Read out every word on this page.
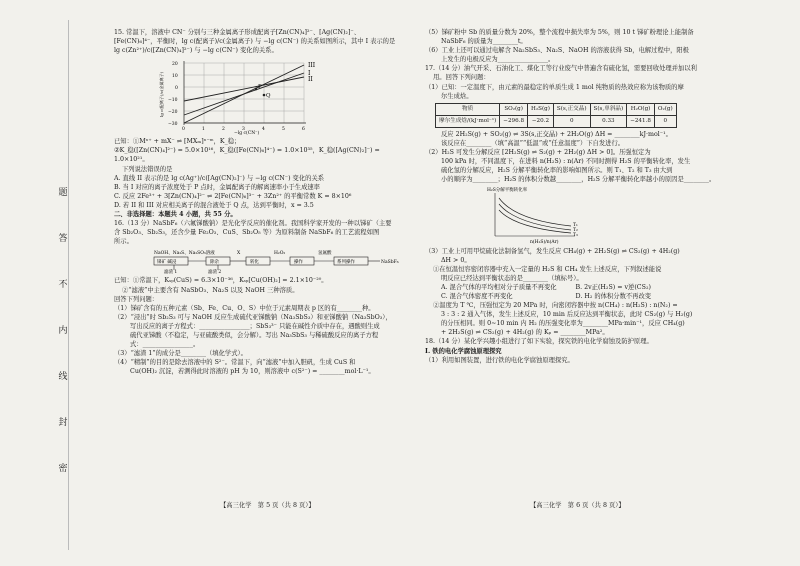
题
答
不
内
线
封
密

15. 常温下，溶液中 CN⁻ 分别与三种金属离子形成配离子[Zn(CN)₄]²⁻、[Ag(CN)₂]⁻、

[Fe(CN)₆]⁴⁻，平衡时，lg c(配离子)/c(金属离子) 与 −lg c(CN⁻) 的关系如图所示，其中 I 表示的是

lg c(Zn²⁺)/c([Zn(CN)₄]²⁻) 与 −lg c(CN⁻) 变化的关系。

I
II
III
P
Q
0	1	2	3	4	5	6
20
10
0
−10
−20
−30
−lg c(CN⁻)
lg c(配离子)/c(金属离子)

已知：①Mⁿ⁺ + mX⁻ ⇌ [MXₘ]ⁿ⁻ᵐ，K_稳；

②K_稳([Zn(CN)₄]²⁻) = 5.0×10¹⁶，K_稳([Fe(CN)₆]⁴⁻) = 1.0×10³⁵，K_稳([Ag(CN)₂]⁻) =

1.0×10²¹。

下列说法错误的是

A. 直线 II 表示的是 lg c(Ag⁺)/c([Ag(CN)₂]⁻) 与 −lg c(CN⁻) 变化的关系

B. 当 I 对应的离子浓度处于 P 点时，金属配离子的解离速率小于生成速率

C. 反应 2Fe³⁺ + 3[Zn(CN)₄]²⁻ ⇌ 2[Fe(CN)₆]³⁻ + 3Zn²⁺ 的平衡常数 K = 8×10⁶

D. 若 II 和 III 对应相关离子的混合液处于 Q 点，达到平衡时，x = 3.5

二、非选择题：本题共 4 小题，共 55 分。

16.（13 分）NaSbF₆（六氟锑酸钠）是光化学反应的催化剂。我国科学家开发的一种以锑矿（主要

含 Sb₂O₃、Sb₂S₃，还含少量 Fe₂O₃、CuS、Sb₂O₅ 等）为原料制备 NaSbF₆ 的工艺流程如图

所示。

NaOH、Na₂S、Na₂SO₃溶液
锑矿 碱浸	除杂
X
转化
H₂O₂
操作
氢氟酸
系列操作	NaSbF₆
滤渣 1	滤渣 2

已知：①常温下，Kₛₚ(CuS) = 6.3×10⁻³⁶，Kₛₚ[Cu(OH)₂] = 2.1×10⁻²⁰。

②“滤液”中主要含有 NaSbO₃、Na₂S 以及 NaOH 三种溶质。

回答下列问题：

（1）锑矿含有的五种元素（Sb、Fe、Cu、O、S）中位于元素周期表 p 区的有________种。

（2）“浸出”时 Sb₂S₃ 可与 NaOH 反应生成硫代亚锑酸钠（Na₃SbS₃）和亚锑酸钠（Na₃SbO₃），

写出反应的离子方程式：________________；SbS₃³⁻ 只能在碱性介质中存在，遇酸则生成

硫代亚锑酸（不稳定，与亚硫酸类似，会分解）。写出 Na₃SbS₃ 与稀硫酸反应的离子方程

式：________________。

（3）“滤渣 1”的成分是________（填化学式）。

（4）“精制”的目的是除去溶液中的 S²⁻。常温下，向“滤液”中加入胆矾，生成 CuS 和

Cu(OH)₂ 沉淀，若测得此时溶液的 pH 为 10，则溶液中 c(S²⁻) = ________mol·L⁻¹。

【高三化学　第 5 页（共 8 页）】

（5）锑矿粉中 Sb 的质量分数为 20%，整个流程中损失率为 5%，则 10 t 锑矿粉理论上能制备

NaSbF₆ 的质量为________t。

（6）工业上还可以通过电解含 Na₂SbS₃、Na₂S、NaOH 的溶液获得 Sb，电解过程中，阳极

上发生的电极反应为________________。

17.（14 分）油气开采、石油化工、煤化工等行业废气中普遍含有硫化氢，需要回收处理并加以利

用。回答下列问题：

（1）已知：一定温度下，由元素的最稳定的单质生成 1 mol 纯物质的热效应称为该物质的摩

尔生成焓。

物质	SO₂(g)	H₂S(g)	S(s,正交晶)	S(s,单斜晶)	H₂O(g)	O₂(g)
摩尔生成焓/(kJ·mol⁻¹)	−296.8	−20.2	0	0.33	−241.8	0

反应 2H₂S(g) + SO₂(g) ⇌ 3S(s,正交晶) + 2H₂O(g) ΔH = ________kJ·mol⁻¹。

该反应在________（填“高温”“低温”或“任意温度”）下自发进行。

（2）H₂S 可发生分解反应 [2H₂S(g) ⇌ S₂(g) + 2H₂(g) ΔH > 0]。压强恒定为

100 kPa 时，不同温度下，在进料 n(H₂S) : n(Ar) 不同时测得 H₂S 的平衡转化率，发生

硫化氢的分解反应，H₂S 分解平衡转化率的影响如图所示。则 T₁、T₂ 和 T₃ 由大到

小的顺序为________；H₂S 的体积分数越________，H₂S 分解平衡转化率越小的原因是________。

H₂S分解平衡转化率
T₁
T₂
T₃
n(H₂S)/n(Ar)

（3）工业上可用甲烷硫化法制备氢气，发生反应 CH₄(g) + 2H₂S(g) ⇌ CS₂(g) + 4H₂(g)

ΔH > 0。

①在恒温恒容密闭容器中充入一定量的 H₂S 和 CH₄ 发生上述反应，下列叙述能说

明反应已经达到平衡状态的是________（填标号）。

A. 混合气体的平均相对分子质量不再变化　　　B. 2v正(H₂S) = v逆(CS₂)

C. 混合气体密度不再变化　　　　　　　　　　D. H₂ 的体积分数不再改变

②温度为 T ℃，压强恒定为 20 MPa 时，向密闭容器中按 n(CH₄) : n(H₂S) : n(N₂) =

3 : 3 : 2 通入气体，发生上述反应，10 min 后反应达到平衡状态，此时 CS₂(g) 与 H₂(g)

的分压相同。则 0∼10 min 内 H₂ 的压强变化率为________MPa·min⁻¹，反应 CH₄(g)

+ 2H₂S(g) ⇌ CS₂(g) + 4H₂(g) 的 Kₚ = ________MPa²。

18.（14 分）某化学兴趣小组进行了如下实验，探究铁的电化学腐蚀及防护原理。

Ⅰ. 铁的电化学腐蚀原理探究

（1）利用如图装置，进行铁的电化学腐蚀原理探究。

【高三化学　第 6 页（共 8 页）】
